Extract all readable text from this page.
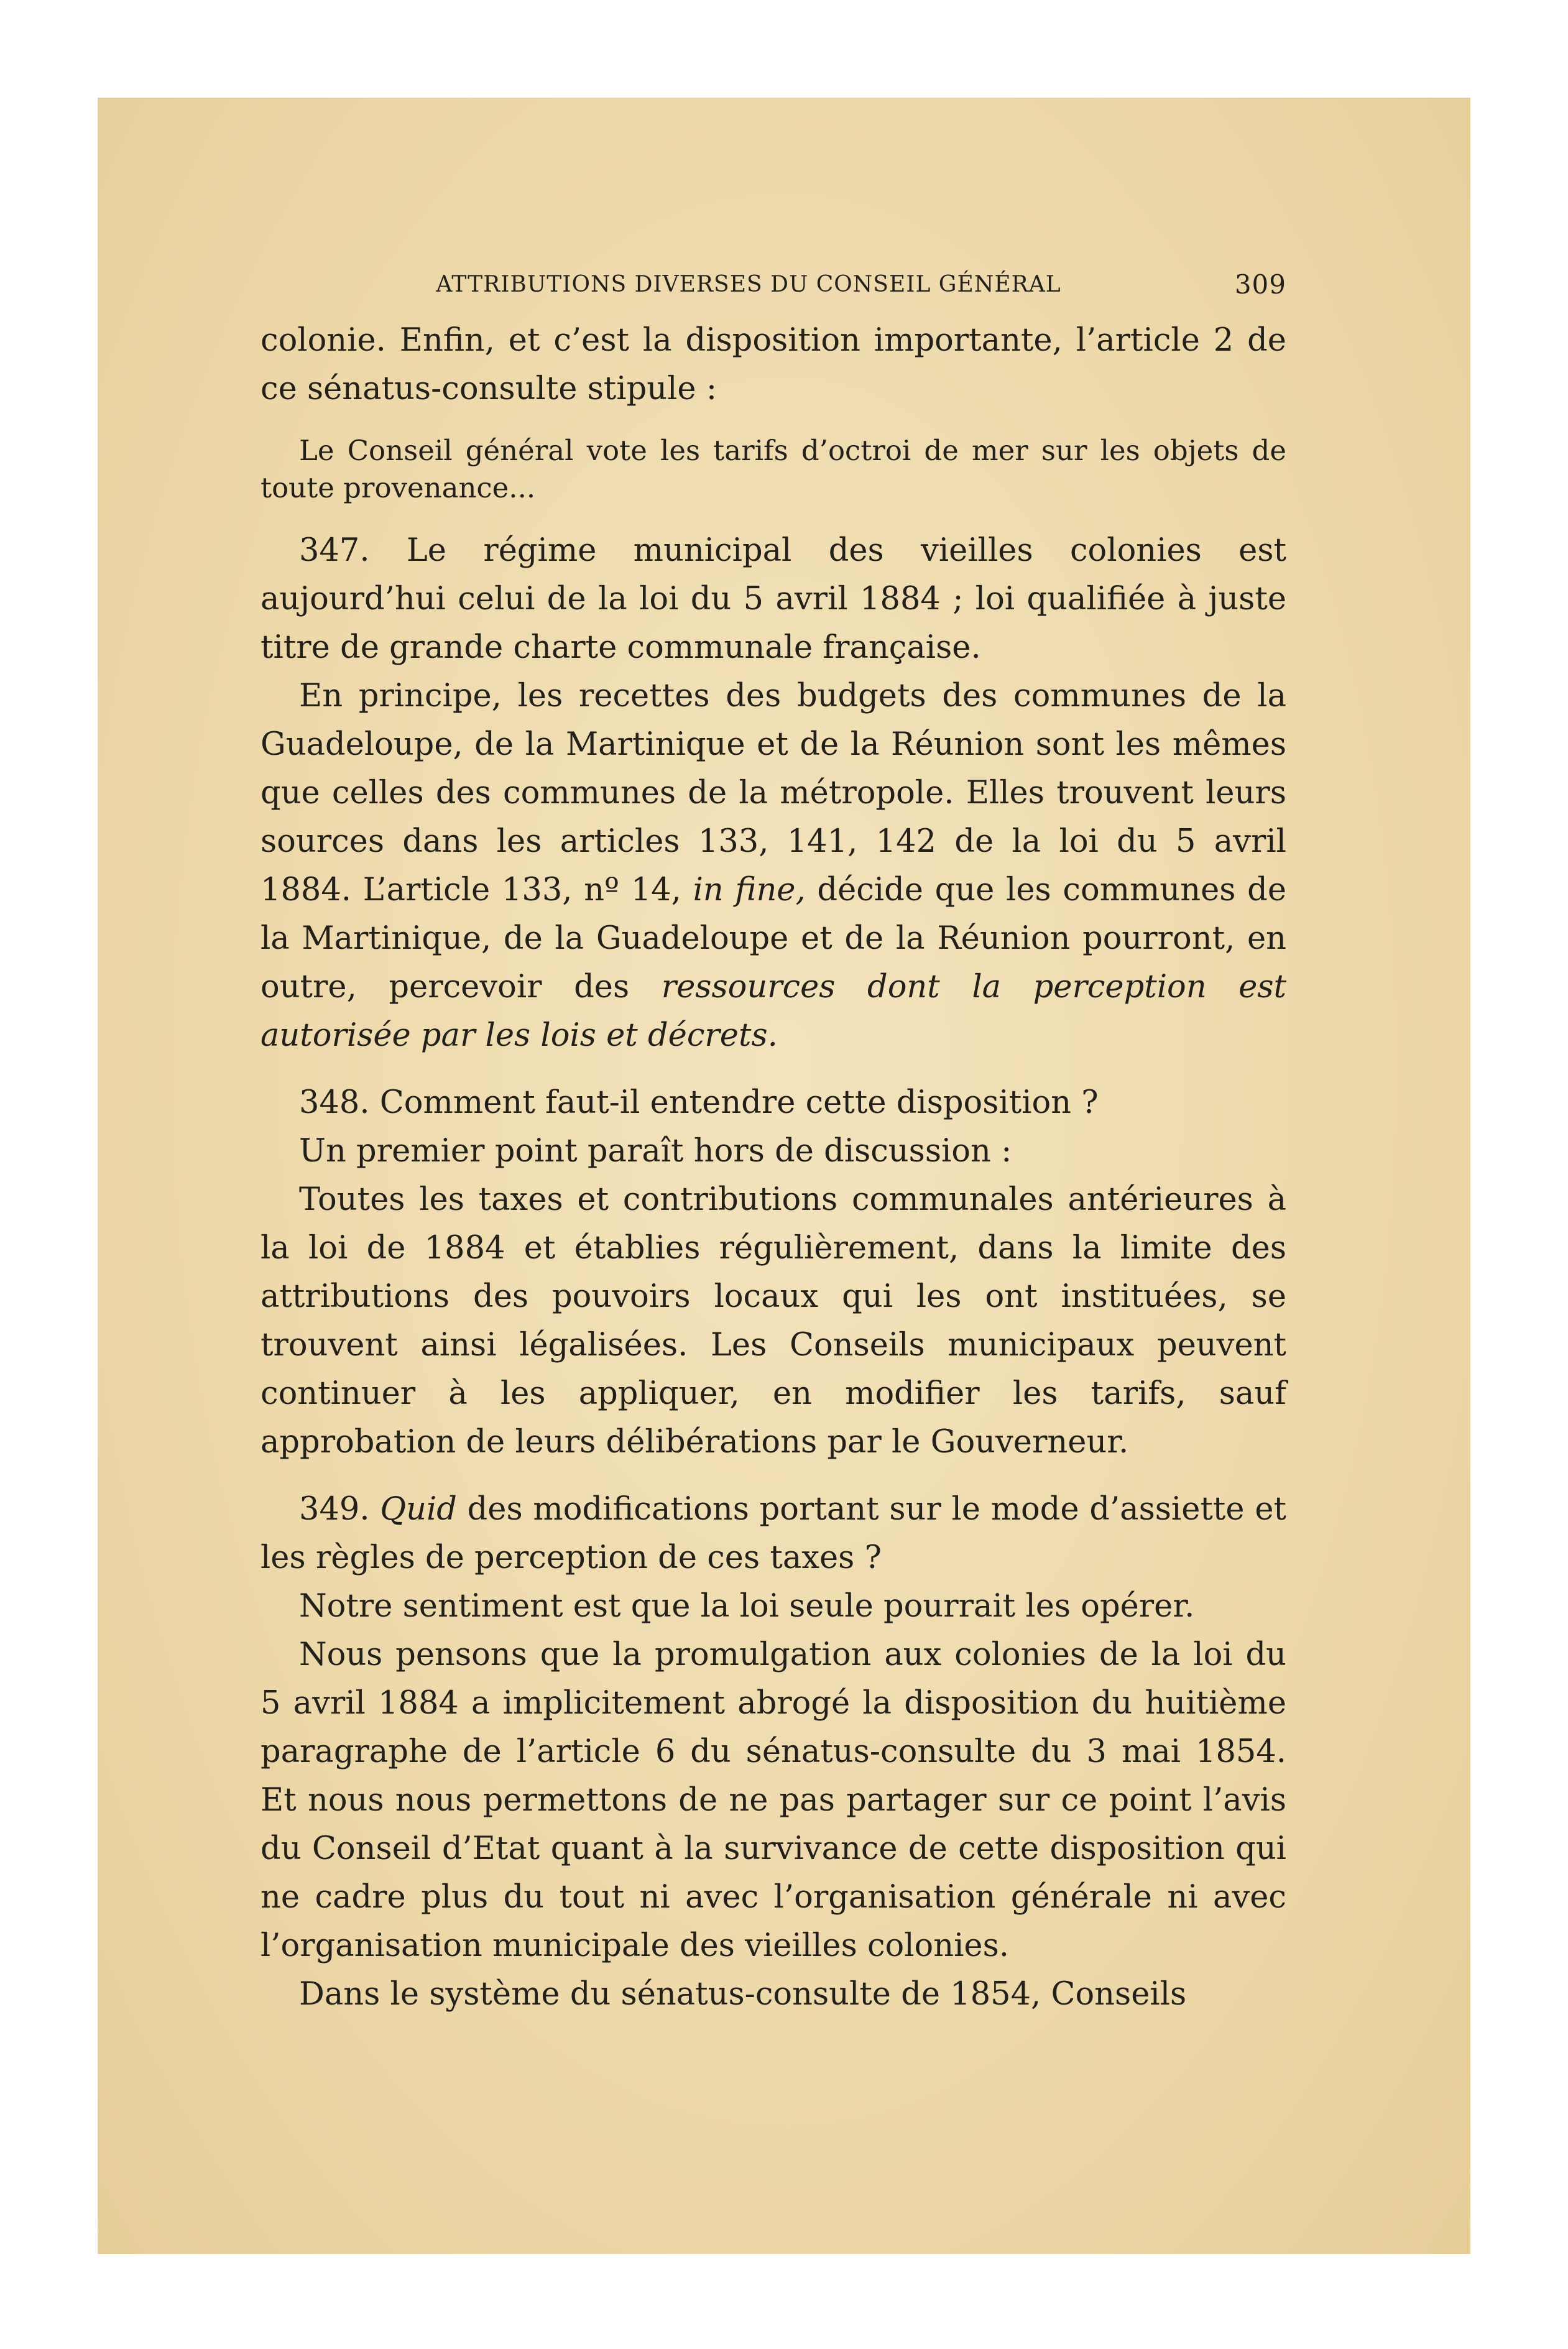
ATTRIBUTIONS DIVERSES DU CONSEIL GÉNÉRAL	309

colonie. Enfin, et c’est la disposition importante, l’article 2 de ce sénatus-consulte stipule :

Le Conseil général vote les tarifs d’octroi de mer sur les objets de toute provenance...

347. Le régime municipal des vieilles colonies est aujourd’hui celui de la loi du 5 avril 1884 ; loi qualifiée à juste titre de grande charte communale française.

En principe, les recettes des budgets des communes de la Guadeloupe, de la Martinique et de la Réunion sont les mêmes que celles des communes de la métropole. Elles trouvent leurs sources dans les articles 133, 141, 142 de la loi du 5 avril 1884. L’article 133, nº 14, in fine, décide que les communes de la Martinique, de la Guadeloupe et de la Réunion pourront, en outre, percevoir des ressources dont la perception est autorisée par les lois et décrets.

348. Comment faut-il entendre cette disposition ?

Un premier point paraît hors de discussion :

Toutes les taxes et contributions communales antérieures à la loi de 1884 et établies régulièrement, dans la limite des attributions des pouvoirs locaux qui les ont instituées, se trouvent ainsi légalisées. Les Conseils municipaux peuvent continuer à les appliquer, en modifier les tarifs, sauf approbation de leurs délibérations par le Gouverneur.

349. Quid des modifications portant sur le mode d’assiette et les règles de perception de ces taxes ?

Notre sentiment est que la loi seule pourrait les opérer.

Nous pensons que la promulgation aux colonies de la loi du 5 avril 1884 a implicitement abrogé la disposition du huitième paragraphe de l’article 6 du sénatus-consulte du 3 mai 1854. Et nous nous permettons de ne pas partager sur ce point l’avis du Conseil d’Etat quant à la survivance de cette disposition qui ne cadre plus du tout ni avec l’organisation générale ni avec l’organisation municipale des vieilles colonies.

Dans le système du sénatus-consulte de 1854, Conseils
